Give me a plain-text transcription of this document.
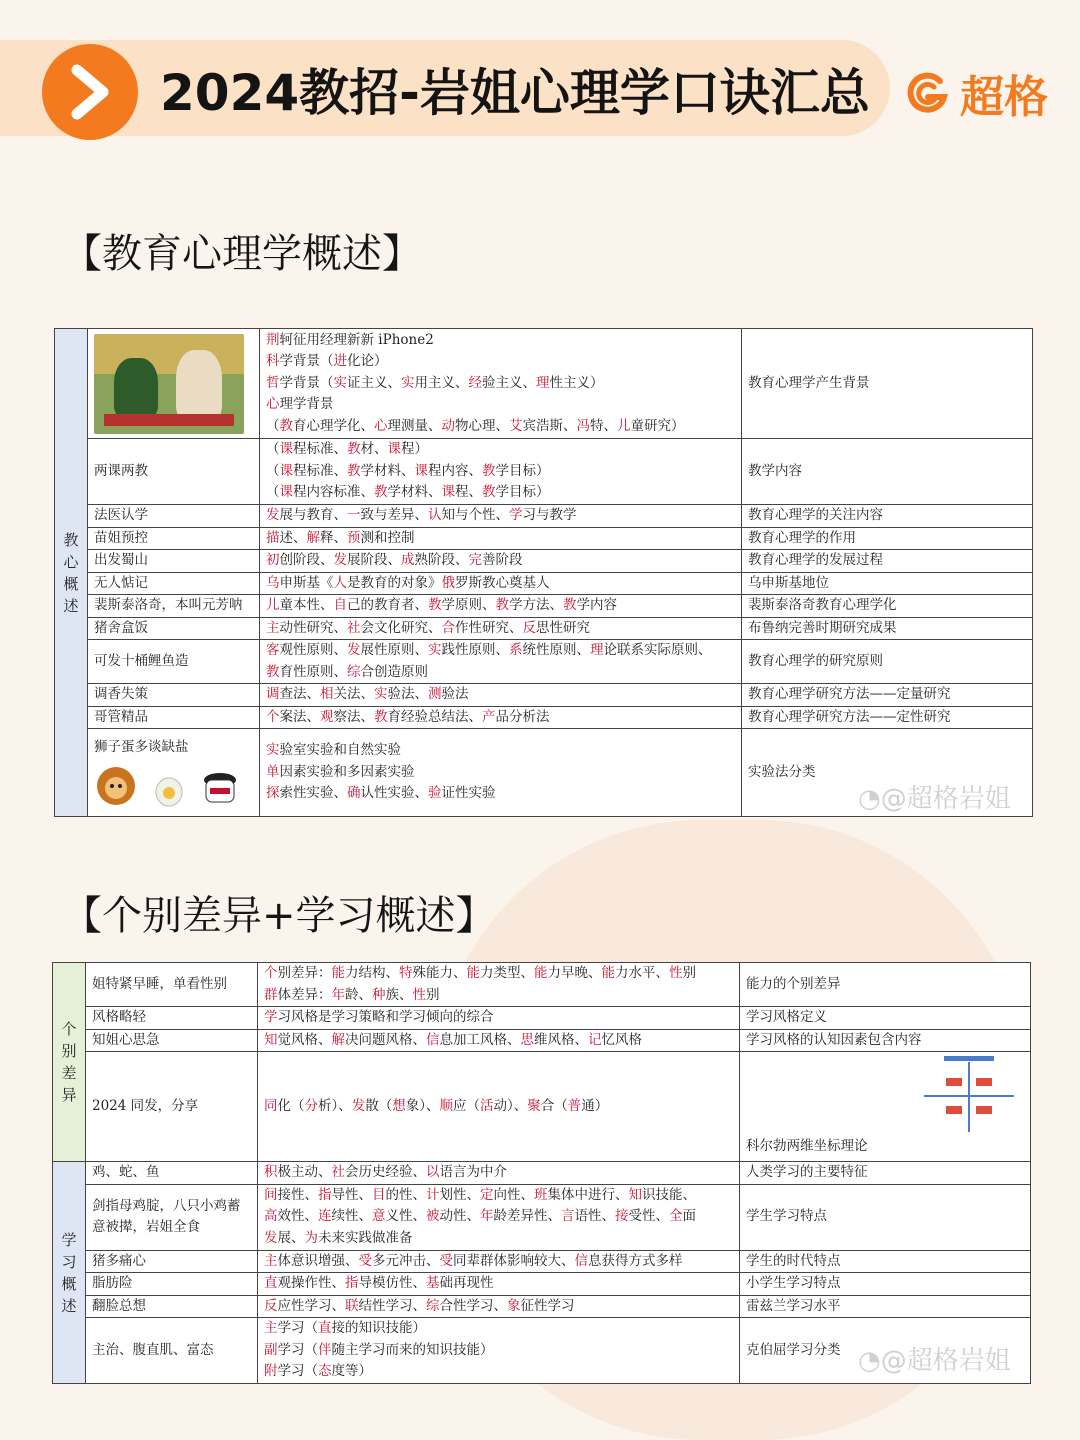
2024教招-岩姐心理学口诀汇总 超格
【教育心理学概述】
教心概述		荆轲征用经理新新 iPhone2
科学背景（进化论）
哲学背景（实证主义、实用主义、经验主义、理性主义）
心理学背景
（教育心理学化、心理测量、动物心理、艾宾浩斯、冯特、儿童研究）	教育心理学产生背景

	两课两教	（课程标准、教材、课程）
（课程标准、教学材料、课程内容、教学目标）
（课程内容标准、教学材料、课程、教学目标）	教学内容

	法医认学	发展与教育、一致与差异、认知与个性、学习与教学	教育心理学的关注内容

	苗姐预控	描述、解释、预测和控制	教育心理学的作用

	出发蜀山	初创阶段、发展阶段、成熟阶段、完善阶段	教育心理学的发展过程

	无人惦记	乌申斯基《人是教育的对象》俄罗斯教心奠基人	乌申斯基地位

	裴斯泰洛奇，本叫元芳呐	儿童本性、自己的教育者、教学原则、教学方法、教学内容	裴斯泰洛奇教育心理学化

	猪舍盒饭	主动性研究、社会文化研究、合作性研究、反思性研究	布鲁纳完善时期研究成果

	可发十桶鲤鱼造	客观性原则、发展性原则、实践性原则、系统性原则、理论联系实际原则、
教育性原则、综合创造原则	教育心理学的研究原则

	调香失策	调查法、相关法、实验法、测验法	教育心理学研究方法——定量研究

	哥管精品	个案法、观察法、教育经验总结法、产品分析法	教育心理学研究方法——定性研究

	狮子蛋多谈缺盐	实验室实验和自然实验
单因素实验和多因素实验
探索性实验、确认性实验、验证性实验	实验法分类
【个别差异+学习概述】
个别差异	姐特紧早睡，单看性别	个别差异：能力结构、特殊能力、能力类型、能力早晚、能力水平、性别
群体差异：年龄、种族、性别	能力的个别差异

	风格略轻	学习风格是学习策略和学习倾向的综合	学习风格定义

	知姐心思急	知觉风格、解决问题风格、信息加工风格、思维风格、记忆风格	学习风格的认知因素包含内容

	2024 同发，分享	同化（分析）、发散（想象）、顺应（活动）、聚合（普通）	科尔勃两维坐标理论

学习概述	鸡、蛇、鱼	积极主动、社会历史经验、以语言为中介	人类学习的主要特征

	剑指母鸡腚，八只小鸡蓄意被撵，岩姐全食	间接性、指导性、目的性、计划性、定向性、班集体中进行、知识技能、
高效性、连续性、意义性、被动性、年龄差异性、言语性、接受性、全面
发展、为未来实践做准备	学生学习特点

	猪多痛心	主体意识增强、受多元冲击、受同辈群体影响较大、信息获得方式多样	学生的时代特点

	脂肪险	直观操作性、指导模仿性、基础再现性	小学生学习特点

	翻脸总想	反应性学习、联结性学习、综合性学习、象征性学习	雷兹兰学习水平

	主治、腹直肌、富态	主学习（直接的知识技能）
副学习（伴随主学习而来的知识技能）
附学习（态度等）	克伯屈学习分类
◔@超格岩姐
◔@超格岩姐
